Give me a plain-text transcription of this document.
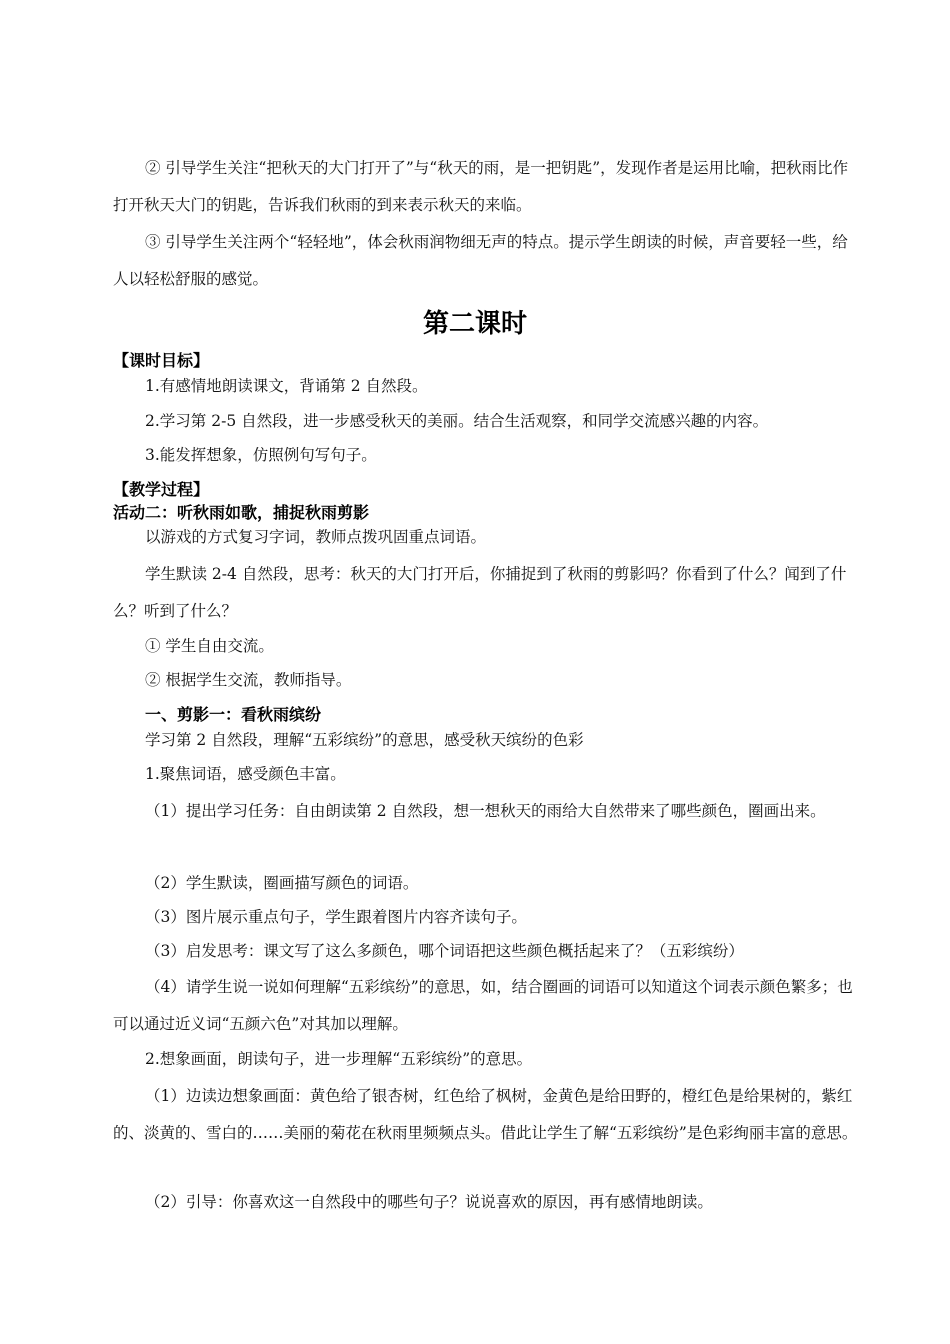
② 引导学生关注“把秋天的大门打开了”与“秋天的雨，是一把钥匙”，发现作者是运用比喻，把秋雨比作打开秋天大门的钥匙，告诉我们秋雨的到来表示秋天的来临。

③ 引导学生关注两个“轻轻地”，体会秋雨润物细无声的特点。提示学生朗读的时候，声音要轻一些，给人以轻松舒服的感觉。

第二课时
【课时目标】

1.有感情地朗读课文，背诵第 2 自然段。

2.学习第 2-5 自然段，进一步感受秋天的美丽。结合生活观察，和同学交流感兴趣的内容。

3.能发挥想象，仿照例句写句子。

【教学过程】
活动二：听秋雨如歌，捕捉秋雨剪影

以游戏的方式复习字词，教师点拨巩固重点词语。

学生默读 2-4 自然段，思考：秋天的大门打开后，你捕捉到了秋雨的剪影吗？你看到了什么？闻到了什么？听到了什么？

① 学生自由交流。

② 根据学生交流，教师指导。

一、剪影一：看秋雨缤纷

学习第 2 自然段，理解“五彩缤纷”的意思，感受秋天缤纷的色彩

1.聚焦词语，感受颜色丰富。

（1）提出学习任务：自由朗读第 2 自然段，想一想秋天的雨给大自然带来了哪些颜色，圈画出来。

（2）学生默读，圈画描写颜色的词语。

（3）图片展示重点句子，学生跟着图片内容齐读句子。

（3）启发思考：课文写了这么多颜色，哪个词语把这些颜色概括起来了？（五彩缤纷）

（4）请学生说一说如何理解“五彩缤纷”的意思，如，结合圈画的词语可以知道这个词表示颜色繁多；也可以通过近义词“五颜六色”对其加以理解。

2.想象画面，朗读句子，进一步理解“五彩缤纷”的意思。

（1）边读边想象画面：黄色给了银杏树，红色给了枫树，金黄色是给田野的，橙红色是给果树的，紫红的、淡黄的、雪白的……美丽的菊花在秋雨里频频点头。借此让学生了解“五彩缤纷”是色彩绚丽丰富的意思。

（2）引导：你喜欢这一自然段中的哪些句子？说说喜欢的原因，再有感情地朗读。
